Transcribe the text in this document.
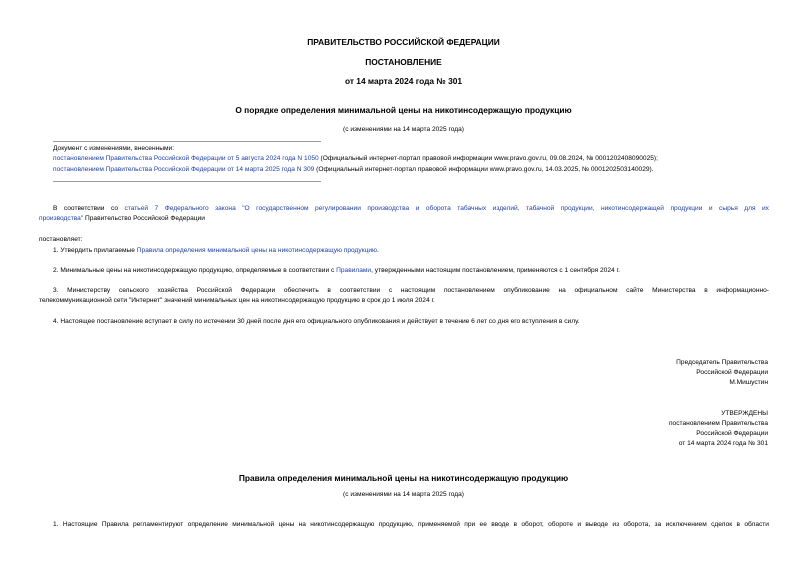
ПРАВИТЕЛЬСТВО РОССИЙСКОЙ ФЕДЕРАЦИИ
ПОСТАНОВЛЕНИЕ
от 14 марта 2024 года № 301
О порядке определения минимальной цены на никотинсодержащую продукцию
(с изменениями на 14 марта 2025 года)
Документ с изменениями, внесенными:
постановлением Правительства Российской Федерации от 5 августа 2024 года N 1050 (Официальный интернет-портал правовой информации www.pravo.gov.ru, 09.08.2024, № 0001202408090025);
постановлением Правительства Российской Федерации от 14 марта 2025 года N 309 (Официальный интернет-портал правовой информации www.pravo.gov.ru, 14.03.2025, № 0001202503140029).
В соответствии со статьей 7 Федерального закона "О государственном регулировании производства и оборота табачных изделий, табачной продукции, никотинсодержащей продукции и сырья для их
производства" Правительство Российской Федерации
постановляет:
1. Утвердить прилагаемые Правила определения минимальной цены на никотинсодержащую продукцию.
2. Минимальные цены на никотинсодержащую продукцию, определяемые в соответствии с Правилами, утвержденными настоящим постановлением, применяются с 1 сентября 2024 г.
3. Министерству сельского хозяйства Российской Федерации обеспечить в соответствии с настоящим постановлением опубликование на официальном сайте Министерства в информационно-
телекоммуникационной сети "Интернет" значений минимальных цен на никотинсодержащую продукцию в срок до 1 июля 2024 г.
4. Настоящее постановление вступает в силу по истечении 30 дней после дня его официального опубликования и действует в течение 6 лет со дня его вступления в силу.
Председатель Правительства
Российской Федерации
М.Мишустин
УТВЕРЖДЕНЫ
постановлением Правительства
Российской Федерации
от 14 марта 2024 года № 301
Правила определения минимальной цены на никотинсодержащую продукцию
(с изменениями на 14 марта 2025 года)
1. Настоящие Правила регламентируют определение минимальной цены на никотинсодержащую продукцию, применяемой при ее вводе в оборот, обороте и выводе из оборота, за исключением сделок в области
